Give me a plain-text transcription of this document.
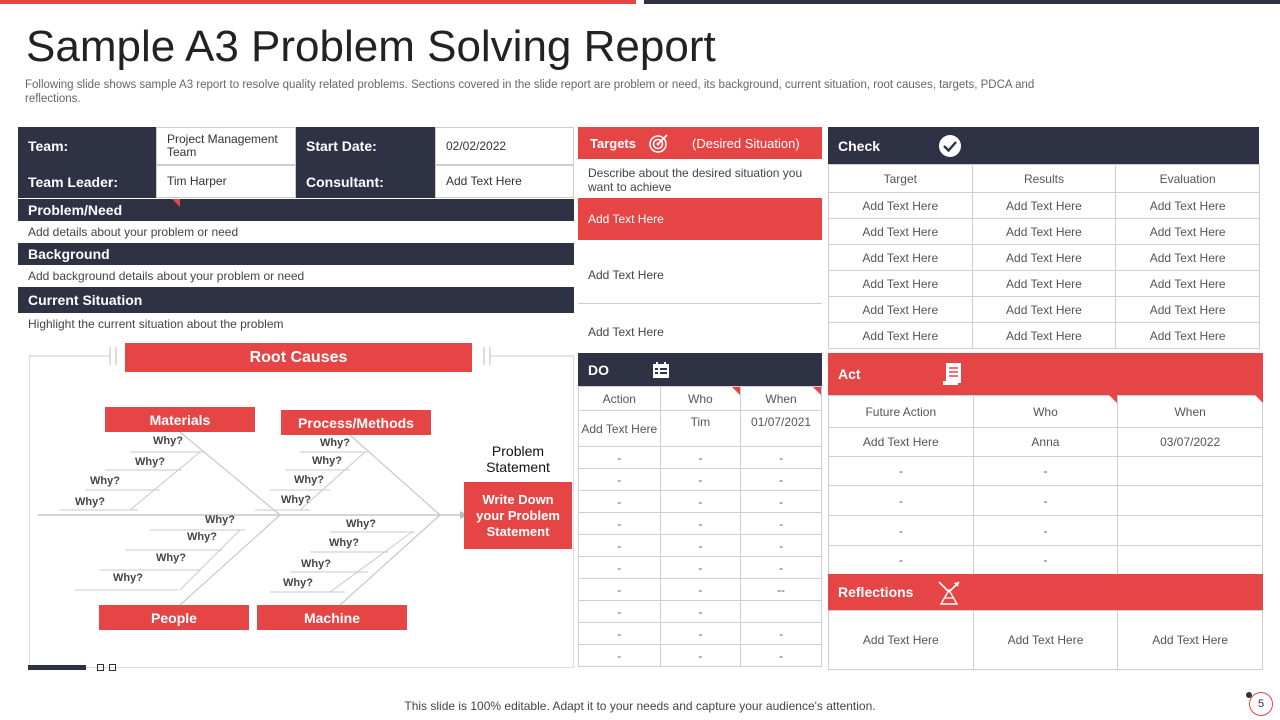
Sample A3 Problem Solving Report
Following slide shows sample A3 report to resolve quality related problems. Sections covered in the slide report are problem or need, its background, current situation, root causes, targets, PDCA and reflections.
Team:	Project Management Team	Start Date:	02/02/2022
Team Leader:	Tim Harper	Consultant:	Add Text Here
Problem/Need
Add details about your problem or need
Background
Add background details about your problem or need
Current Situation
Highlight the current situation about the problem
Root Causes
Materials	Process/Methods
People	Machine
Why?
Why?
Why?
Why?
Why?
Why?
Why?
Why?
Why?
Why?
Why?
Why?
Why?
Why?
Why?
Why?
Problem Statement
Write Down your Problem Statement
Targets	(Desired Situation)
Describe about the desired situation you want to achieve
Add Text Here
Add Text Here
Add Text Here
DO
Action	Who	When
Add Text Here	Tim	01/07/2021
-	-	-
-	-	-
-	-	-
-	-	-
-	-	-
-	-	-
-	-	--
-	-	
-	-	-
-	-	-
Check
Target	Results	Evaluation
Add Text Here	Add Text Here	Add Text Here
Add Text Here	Add Text Here	Add Text Here
Add Text Here	Add Text Here	Add Text Here
Add Text Here	Add Text Here	Add Text Here
Add Text Here	Add Text Here	Add Text Here
Add Text Here	Add Text Here	Add Text Here
Act
Future Action	Who	When
Add Text Here	Anna	03/07/2022
-	-	
-	-	
-	-	
-	-	
Reflections
Add Text Here	Add Text Here	Add Text Here
This slide is 100% editable. Adapt it to your needs and capture your audience's attention.	5
